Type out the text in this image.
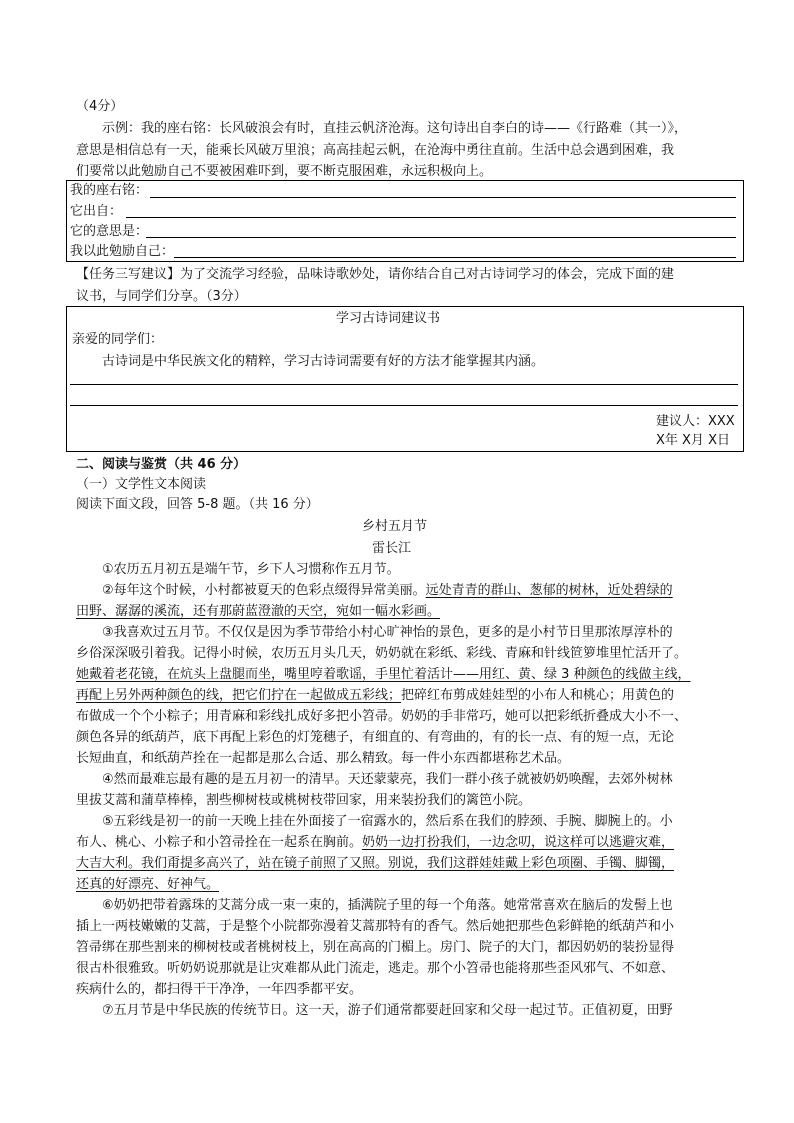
（4分）
示例：我的座右铭：长风破浪会有时，直挂云帆济沧海。这句诗出自李白的诗——《行路难（其一）》，
意思是相信总有一天，能乘长风破万里浪；高高挂起云帆，在沧海中勇往直前。生活中总会遇到困难，我
们要常以此勉励自己不要被困难吓到，要不断克服困难，永远积极向上。
我的座右铭：
它出自：
它的意思是：
我以此勉励自己：
【任务三写建议】为了交流学习经验，品味诗歌妙处，请你结合自己对古诗词学习的体会，完成下面的建
议书，与同学们分享。（3分）
学习古诗词建议书
亲爱的同学们：
古诗词是中华民族文化的精粹，学习古诗词需要有好的方法才能掌握其内涵。
建议人：XXX
X年 X月 X日
二、阅读与鉴赏（共 46 分）
（一）文学性文本阅读
阅读下面文段，回答 5-8 题。（共 16 分）
乡村五月节
雷长江
①农历五月初五是端午节，乡下人习惯称作五月节。
②每年这个时候，小村都被夏天的色彩点缀得异常美丽。远处青青的群山、葱郁的树林，近处碧绿的
田野、潺潺的溪流，还有那蔚蓝澄澈的天空，宛如一幅水彩画。
③我喜欢过五月节。不仅仅是因为季节带给小村心旷神怡的景色，更多的是小村节日里那浓厚淳朴的
乡俗深深吸引着我。记得小时候，农历五月头几天，奶奶就在彩纸、彩线、青麻和针线笸箩堆里忙活开了。
她戴着老花镜，在炕头上盘腿而坐，嘴里哼着歌谣，手里忙着活计——用红、黄、绿 3 种颜色的线做主线，
再配上另外两种颜色的线，把它们拧在一起做成五彩线；把碎红布剪成娃娃型的小布人和桃心；用黄色的
布做成一个个小粽子；用青麻和彩线扎成好多把小笤帚。奶奶的手非常巧，她可以把彩纸折叠成大小不一、
颜色各异的纸葫芦，底下再配上彩色的灯笼穗子，有细直的、有弯曲的，有的长一点、有的短一点，无论
长短曲直，和纸葫芦拴在一起都是那么合适、那么精致。每一件小东西都堪称艺术品。
④然而最难忘最有趣的是五月初一的清早。天还蒙蒙亮，我们一群小孩子就被奶奶唤醒，去郊外树林
里拔艾蒿和蒲草棒棒，割些柳树枝或桃树枝带回家，用来装扮我们的篱笆小院。
⑤五彩线是初一的前一天晚上挂在外面接了一宿露水的，然后系在我们的脖颈、手腕、脚腕上的。小
布人、桃心、小粽子和小笤帚拴在一起系在胸前。奶奶一边打扮我们，一边念叨，说这样可以逃避灾难，
大吉大利。我们甭提多高兴了，站在镜子前照了又照。别说，我们这群娃娃戴上彩色项圈、手镯、脚镯，
还真的好漂亮、好神气。
⑥奶奶把带着露珠的艾蒿分成一束一束的，插满院子里的每一个角落。她常常喜欢在脑后的发髻上也
插上一两枝嫩嫩的艾蒿，于是整个小院都弥漫着艾蒿那特有的香气。然后她把那些色彩鲜艳的纸葫芦和小
笤帚绑在那些割来的柳树枝或者桃树枝上，别在高高的门楣上。房门、院子的大门，都因奶奶的装扮显得
很古朴很雅致。听奶奶说那就是让灾难都从此门流走，逃走。那个小笤帚也能将那些歪风邪气、不如意、
疾病什么的，都扫得干干净净，一年四季都平安。
⑦五月节是中华民族的传统节日。这一天，游子们通常都要赶回家和父母一起过节。正值初夏，田野
